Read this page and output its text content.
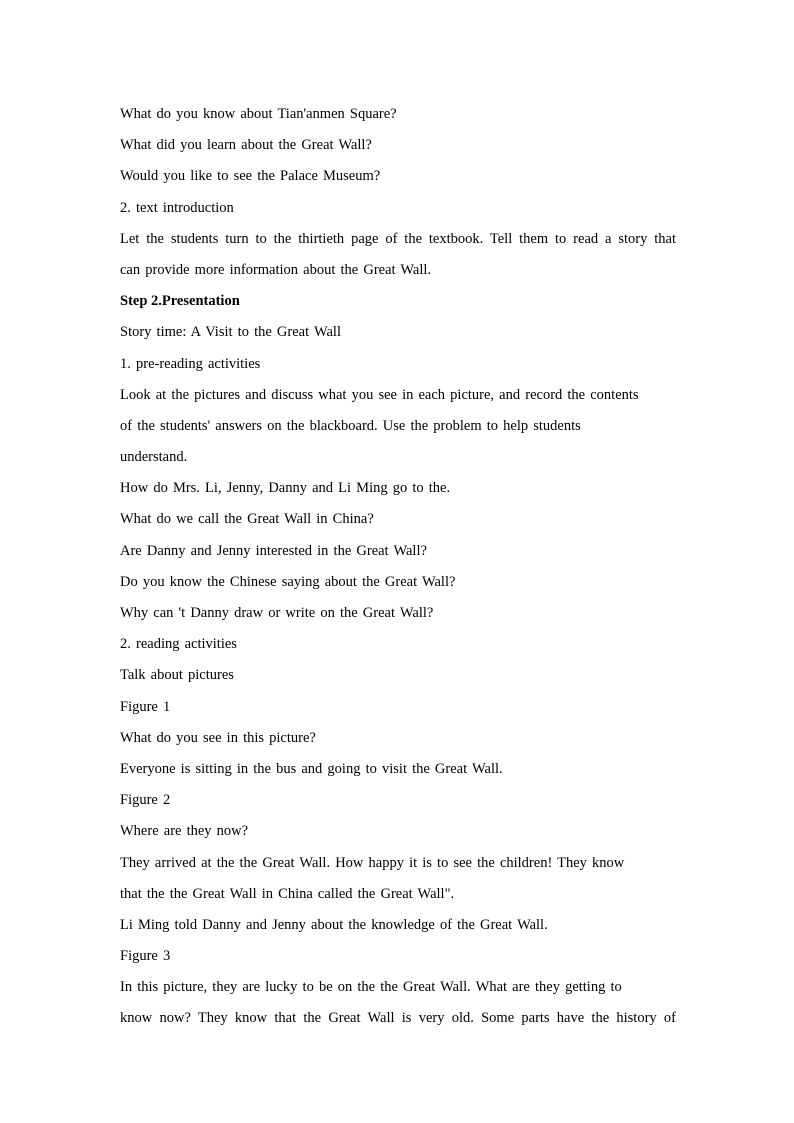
What do you know about Tian'anmen Square?
What did you learn about the Great Wall?
Would you like to see the Palace Museum?
2. text introduction
Let the students turn to the thirtieth page of the textbook. Tell them to read a story that
can provide more information about the Great Wall.
Step 2.Presentation
Story time: A Visit to the Great Wall
1. pre-reading activities
Look at the pictures and discuss what you see in each picture, and record the contents
of the students' answers on the blackboard. Use the problem to help students
understand.
How do Mrs. Li, Jenny, Danny and Li Ming go to the.
What do we call the Great Wall in China?
Are Danny and Jenny interested in the Great Wall?
Do you know the Chinese saying about the Great Wall?
Why can 't Danny draw or write on the Great Wall?
2. reading activities
Talk about pictures
Figure 1
What do you see in this picture?
Everyone is sitting in the bus and going to visit the Great Wall.
Figure 2
Where are they now?
They arrived at the the Great Wall. How happy it is to see the children! They know
that the the Great Wall in China called the Great Wall".
Li Ming told Danny and Jenny about the knowledge of the Great Wall.
Figure 3
In this picture, they are lucky to be on the the Great Wall. What are they getting to
know now? They know that the Great Wall is very old. Some parts have the history of
